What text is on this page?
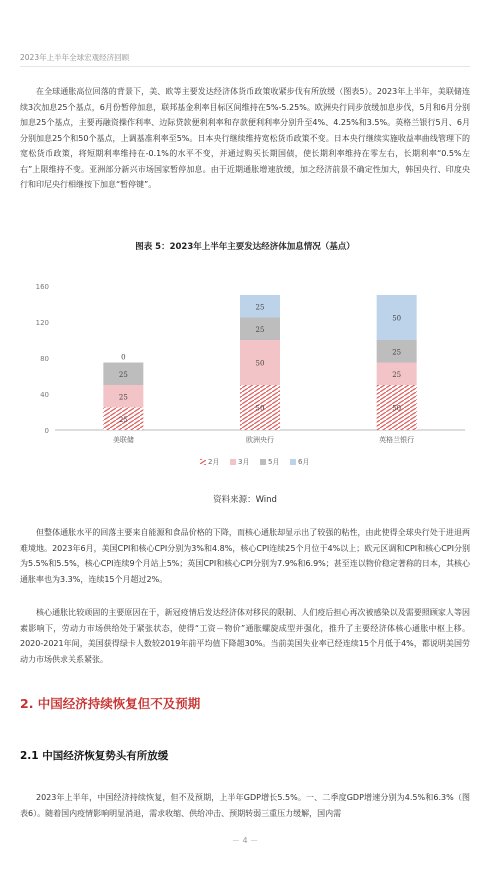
2023年上半年全球宏观经济回顾

在全球通胀高位回落的背景下，美、欧等主要发达经济体货币政策收紧步伐有所放缓（图表5）。2023年上半年，美联储连续3次加息25个基点，6月份暂停加息，联邦基金利率目标区间维持在5%-5.25%。欧洲央行同步放缓加息步伐，5月和6月分别加息25个基点，主要再融资操作利率、边际贷款便利利率和存款便利利率分别升至4%、4.25%和3.5%。英格兰银行5月、6月分别加息25个和50个基点，上调基准利率至5%。日本央行继续维持宽松货币政策不变。日本央行继续实施收益率曲线管理下的宽松货币政策，将短期利率维持在-0.1%的水平不变，并通过购买长期国债，使长期利率维持在零左右，长期利率“0.5%左右”上限维持不变。亚洲部分新兴市场国家暂停加息。由于近期通胀增速放缓，加之经济前景不确定性加大，韩国央行、印度央行和印尼央行相继按下加息“暂停键”。

图表 5：2023年上半年主要发达经济体加息情况（基点）
0
40
80
120
160
美联储	欧洲央行	英格兰银行
25
25
25
0
50
50
25
25
50
25
25
50
2月	3月	5月	6月
资料来源：Wind

但整体通胀水平的回落主要来自能源和食品价格的下降，而核心通胀却显示出了较强的粘性，由此使得全球央行处于进退两难境地。2023年6月，美国CPI和核心CPI分别为3%和4.8%，核心CPI连续25个月位于4%以上；欧元区调和CPI和核心CPI分别为5.5%和5.5%，核心CPI连续9个月站上5%；英国CPI和核心CPI分别为7.9%和6.9%；甚至连以物价稳定著称的日本，其核心通胀率也为3.3%，连续15个月超过2%。

核心通胀比较顽固的主要原因在于，新冠疫情后发达经济体对移民的限制、人们疫后担心再次被感染以及需要照顾家人等因素影响下，劳动力市场供给处于紧张状态，使得“工资－物价”通胀螺旋成型并强化，推升了主要经济体核心通胀中枢上移。2020-2021年间，美国获得绿卡人数较2019年前平均值下降超30%。当前美国失业率已经连续15个月低于4%，都说明美国劳动力市场供求关系紧张。

2. 中国经济持续恢复但不及预期
2.1 中国经济恢复势头有所放缓

2023年上半年，中国经济持续恢复，但不及预期，上半年GDP增长5.5%。一、二季度GDP增速分别为4.5%和6.3%（图表6）。随着国内疫情影响明显消退，需求收缩、供给冲击、预期转弱三重压力缓解，国内需

－ 4 －
